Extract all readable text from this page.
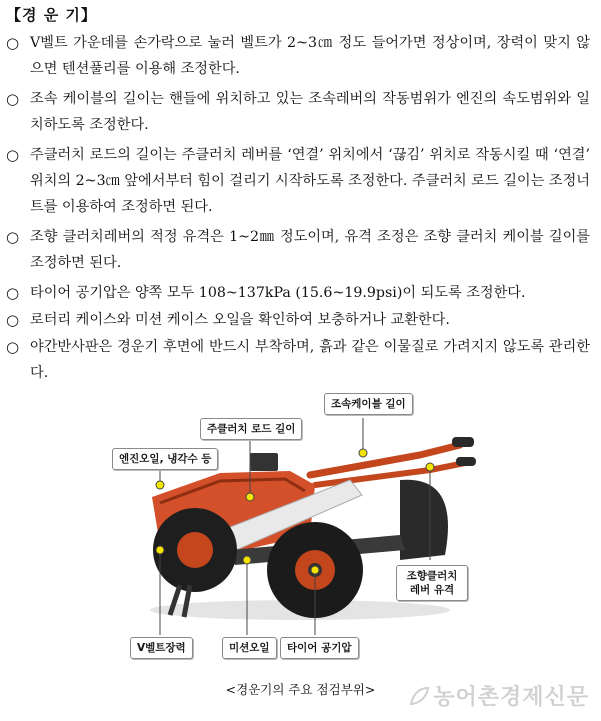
【경 운 기】
○ V벨트 가운데를 손가락으로 눌러 벨트가 2~3㎝ 정도 들어가면 정상이며, 장력이 맞지 않으면 텐션풀리를 이용해 조정한다.
○ 조속 케이블의 길이는 핸들에 위치하고 있는 조속레버의 작동범위가 엔진의 속도범위와 일치하도록 조정한다.
○ 주클러치 로드의 길이는 주클러치 레버를 ‘연결’ 위치에서 ‘끊김’ 위치로 작동시킬 때 ‘연결’ 위치의 2~3㎝ 앞에서부터 힘이 걸리기 시작하도록 조정한다. 주클러치 로드 길이는 조정너트를 이용하여 조정하면 된다.
○ 조향 클러치레버의 적정 유격은 1~2㎜ 정도이며, 유격 조정은 조향 클러치 케이블 길이를 조정하면 된다.
○ 타이어 공기압은 양쪽 모두 108~137kPa (15.6~19.9psi)이 되도록 조정한다.
○ 로터리 케이스와 미션 케이스 오일을 확인하여 보충하거나 교환한다.
○ 야간반사판은 경운기 후면에 반드시 부착하며, 흙과 같은 이물질로 가려지지 않도록 관리한다.
조속케이블 길이
주클러치 로드 길이
엔진오일, 냉각수 등
조향클러치 레버 유격
V벨트장력	미션오일	타이어 공기압
<경운기의 주요 점검부위>	농어촌경제신문
